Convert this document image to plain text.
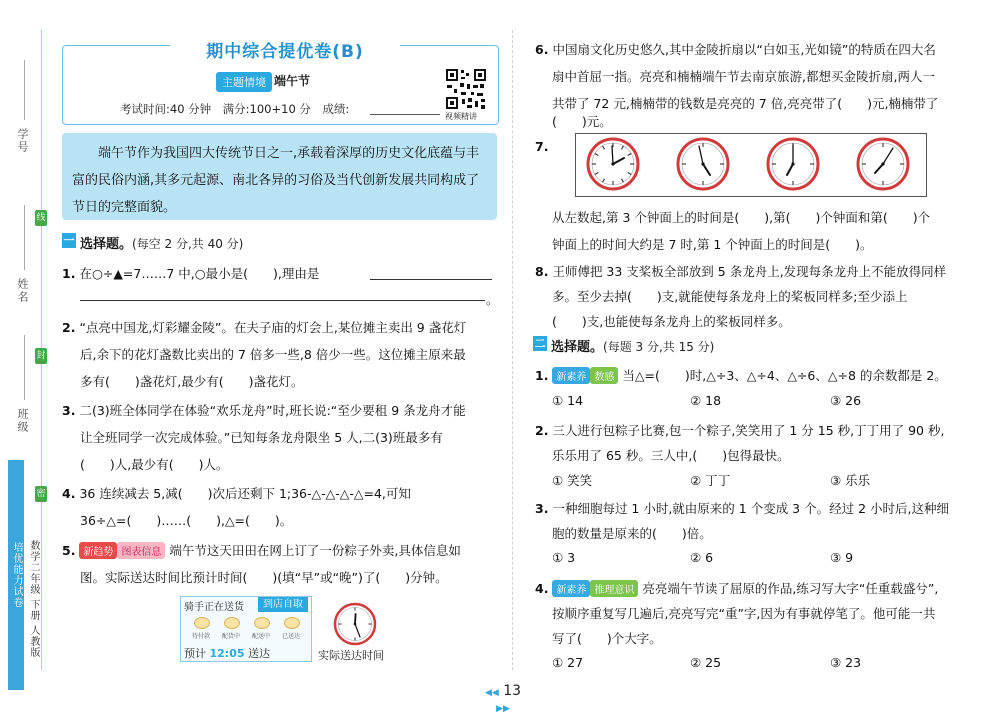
学号
姓名
班级
线
封
密
培优能力试卷 数学二年级 下册 人教版
期中综合提优卷(B)
主题情境 端午节
考试时间:40 分钟　满分:100+10 分　成绩:
视频精讲
端午节作为我国四大传统节日之一,承载着深厚的历史文化底蕴与丰富的民俗内涵,其多元起源、南北各异的习俗及当代创新发展共同构成了节日的完整面貌。
一 选择题。(每空 2 分,共 40 分)
1. 在○÷▲=7……7 中,○最小是(　　),理由是
。
2. “点亮中国龙,灯彩耀金陵”。在夫子庙的灯会上,某位摊主卖出 9 盏花灯
后,余下的花灯盏数比卖出的 7 倍多一些,8 倍少一些。这位摊主原来最
多有(　　)盏花灯,最少有(　　)盏花灯。
3. 二(3)班全体同学在体验“欢乐龙舟”时,班长说:“至少要租 9 条龙舟才能
让全班同学一次完成体验。”已知每条龙舟限坐 5 人,二(3)班最多有
(　　)人,最少有(　　)人。
4. 36 连续减去 5,减(　　)次后还剩下 1;36-△-△-△-△=4,可知
36÷△=(　　)……(　　),△=(　　)。
5. 新趋势 图表信息 端午节这天田田在网上订了一份粽子外卖,具体信息如
图。实际送达时间比预计时间(　　)(填“早”或“晚”)了(　　)分钟。
骑手正在送货	到店自取
待付款	配货中	配送中	已送达
预计 12:05 送达	实际送达时间
6. 中国扇文化历史悠久,其中金陵折扇以“白如玉,光如镜”的特质在四大名
扇中首屈一指。亮亮和楠楠端午节去南京旅游,都想买金陵折扇,两人一
共带了 72 元,楠楠带的钱数是亮亮的 7 倍,亮亮带了(　　)元,楠楠带了
(　　)元。
7.
从左数起,第 3 个钟面上的时间是(　　),第(　　)个钟面和第(　　)个
钟面上的时间大约是 7 时,第 1 个钟面上的时间是(　　)。
8. 王师傅把 33 支桨板全部放到 5 条龙舟上,发现每条龙舟上不能放得同样
多。至少去掉(　　)支,就能使每条龙舟上的桨板同样多;至少添上
(　　)支,也能使每条龙舟上的桨板同样多。
二 选择题。(每题 3 分,共 15 分)
1. 新素养 数感 当△=(　　)时,△÷3、△÷4、△÷6、△÷8 的余数都是 2。
① 14	② 18	③ 26
2. 三人进行包粽子比赛,包一个粽子,笑笑用了 1 分 15 秒,丁丁用了 90 秒,
乐乐用了 65 秒。三人中,(　　)包得最快。
① 笑笑	② 丁丁	③ 乐乐
3. 一种细胞每过 1 小时,就由原来的 1 个变成 3 个。经过 2 小时后,这种细
胞的数量是原来的(　　)倍。
① 3	② 6	③ 9
4. 新素养 推理意识 亮亮端午节读了屈原的作品,练习写大字“任重载盛兮”,
按顺序重复写几遍后,亮亮写完“重”字,因为有事就停笔了。他可能一共
写了(　　)个大字。
① 27	② 25	③ 23
◀◀ 13 ▶▶
